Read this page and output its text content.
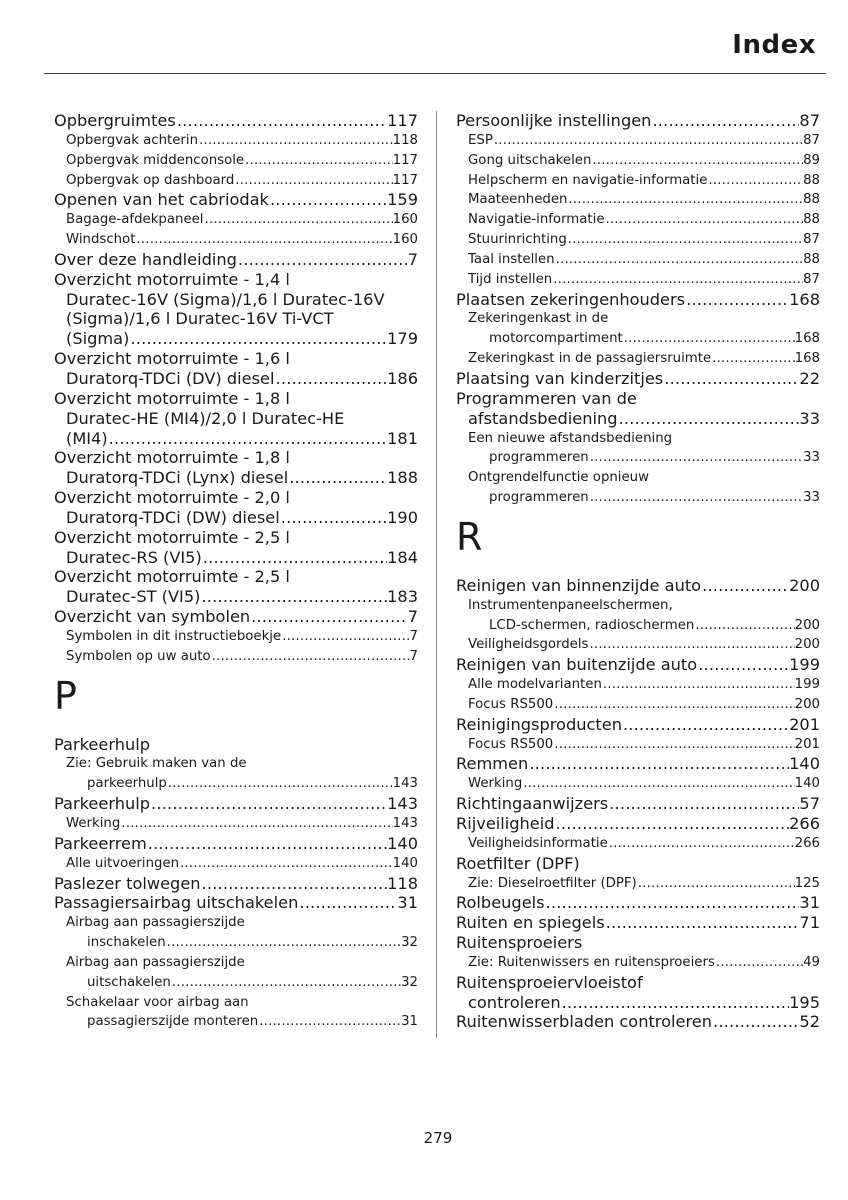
Index
Opbergruimtes .....	117
Opbergvak achterin .....	118
Opbergvak middenconsole .....	117
Opbergvak op dashboard .....	117
Openen van het cabriodak .....	159
Bagage-afdekpaneel .....	160
Windschot .....	160
Over deze handleiding .....	7
Overzicht motorruimte - 1,4 l
Duratec-16V (Sigma)/1,6 l Duratec-16V
(Sigma)/1,6 l Duratec-16V Ti-VCT
(Sigma) .....	179
Overzicht motorruimte - 1,6 l
Duratorq-TDCi (DV) diesel .....	186
Overzicht motorruimte - 1,8 l
Duratec-HE (MI4)/2,0 l Duratec-HE
(MI4) .....	181
Overzicht motorruimte - 1,8 l
Duratorq-TDCi (Lynx) diesel .....	188
Overzicht motorruimte - 2,0 l
Duratorq-TDCi (DW) diesel .....	190
Overzicht motorruimte - 2,5 l
Duratec-RS (VI5) .....	184
Overzicht motorruimte - 2,5 l
Duratec-ST (VI5) .....	183
Overzicht van symbolen .....	7
Symbolen in dit instructieboekje .....	7
Symbolen op uw auto .....	7
P
Parkeerhulp
Zie: Gebruik maken van de
parkeerhulp .....	143
Parkeerhulp .....	143
Werking .....	143
Parkeerrem .....	140
Alle uitvoeringen .....	140
Paslezer tolwegen .....	118
Passagiersairbag uitschakelen .....	31
Airbag aan passagierszijde
inschakelen .....	32
Airbag aan passagierszijde
uitschakelen .....	32
Schakelaar voor airbag aan
passagierszijde monteren .....	31
Persoonlijke instellingen .....	87
ESP .....	87
Gong uitschakelen .....	89
Helpscherm en navigatie-informatie .....	88
Maateenheden .....	88
Navigatie-informatie .....	88
Stuurinrichting .....	87
Taal instellen .....	88
Tijd instellen .....	87
Plaatsen zekeringenhouders .....	168
Zekeringenkast in de
motorcompartiment .....	168
Zekeringkast in de passagiersruimte .....	168
Plaatsing van kinderzitjes .....	22
Programmeren van de
afstandsbediening .....	33
Een nieuwe afstandsbediening
programmeren .....	33
Ontgrendelfunctie opnieuw
programmeren .....	33
R
Reinigen van binnenzijde auto .....	200
Instrumentenpaneelschermen,
LCD-schermen, radioschermen .....	200
Veiligheidsgordels .....	200
Reinigen van buitenzijde auto .....	199
Alle modelvarianten .....	199
Focus RS500 .....	200
Reinigingsproducten .....	201
Focus RS500 .....	201
Remmen .....	140
Werking .....	140
Richtingaanwijzers .....	57
Rijveiligheid .....	266
Veiligheidsinformatie .....	266
Roetfilter (DPF)
Zie: Dieselroetfilter (DPF) .....	125
Rolbeugels .....	31
Ruiten en spiegels .....	71
Ruitensproeiers
Zie: Ruitenwissers en ruitensproeiers .....	49
Ruitensproeiervloeistof
controleren .....	195
Ruitenwisserbladen controleren .....	52
279
